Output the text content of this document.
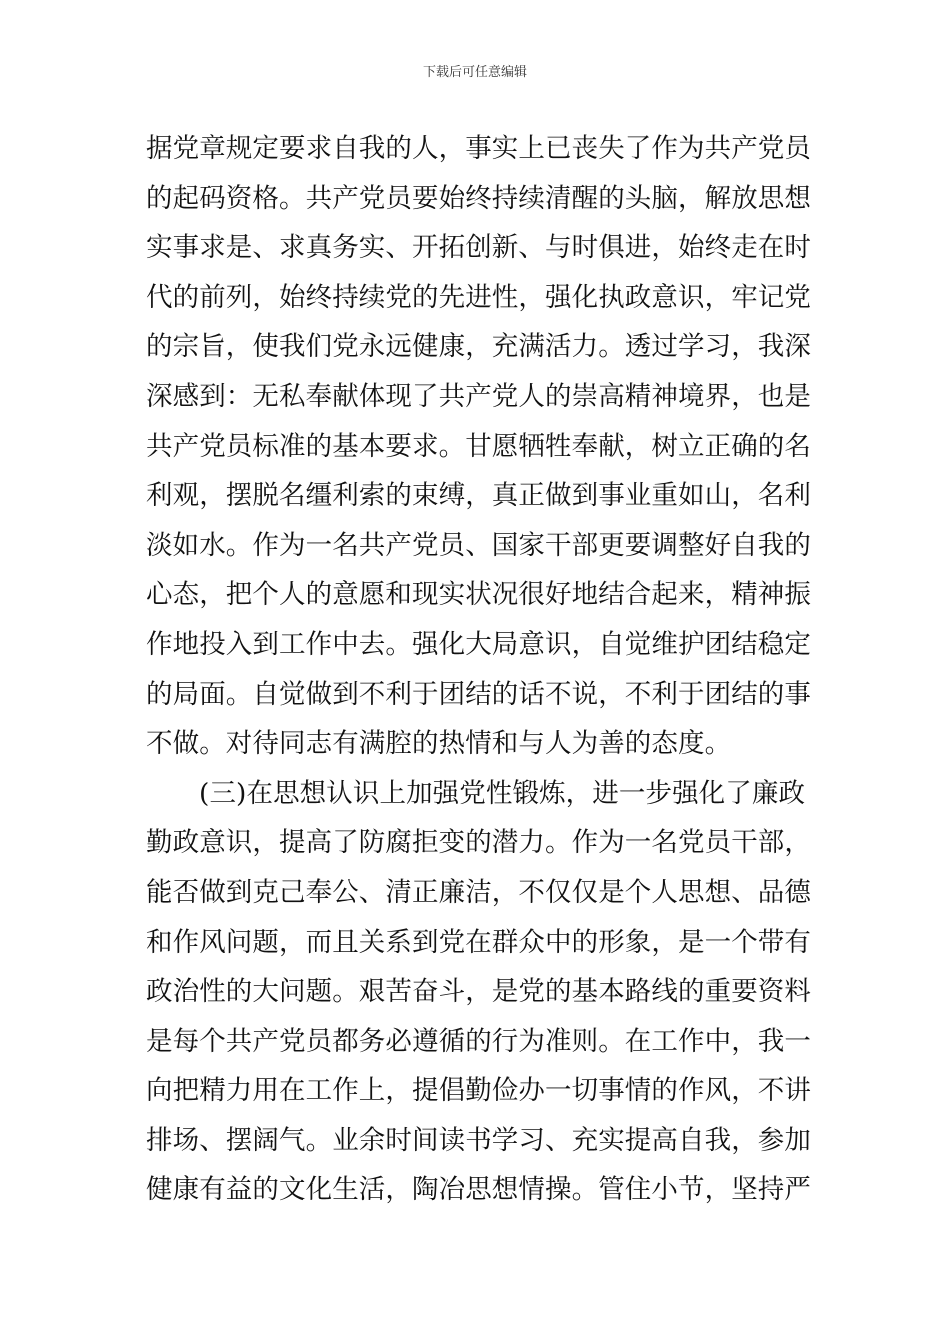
下载后可任意编辑
据党章规定要求自我的人，事实上已丧失了作为共产党员
的起码资格。共产党员要始终持续清醒的头脑，解放思想
实事求是、求真务实、开拓创新、与时俱进，始终走在时
代的前列，始终持续党的先进性，强化执政意识，牢记党
的宗旨，使我们党永远健康，充满活力。透过学习，我深
深感到：无私奉献体现了共产党人的崇高精神境界，也是
共产党员标准的基本要求。甘愿牺牲奉献，树立正确的名
利观，摆脱名缰利索的束缚，真正做到事业重如山，名利
淡如水。作为一名共产党员、国家干部更要调整好自我的
心态，把个人的意愿和现实状况很好地结合起来，精神振
作地投入到工作中去。强化大局意识，自觉维护团结稳定
的局面。自觉做到不利于团结的话不说，不利于团结的事
不做。对待同志有满腔的热情和与人为善的态度。
(三)在思想认识上加强党性锻炼，进一步强化了廉政
勤政意识，提高了防腐拒变的潜力。作为一名党员干部，
能否做到克己奉公、清正廉洁，不仅仅是个人思想、品德
和作风问题，而且关系到党在群众中的形象，是一个带有
政治性的大问题。艰苦奋斗，是党的基本路线的重要资料
是每个共产党员都务必遵循的行为准则。在工作中，我一
向把精力用在工作上，提倡勤俭办一切事情的作风，不讲
排场、摆阔气。业余时间读书学习、充实提高自我，参加
健康有益的文化生活，陶冶思想情操。管住小节，坚持严
